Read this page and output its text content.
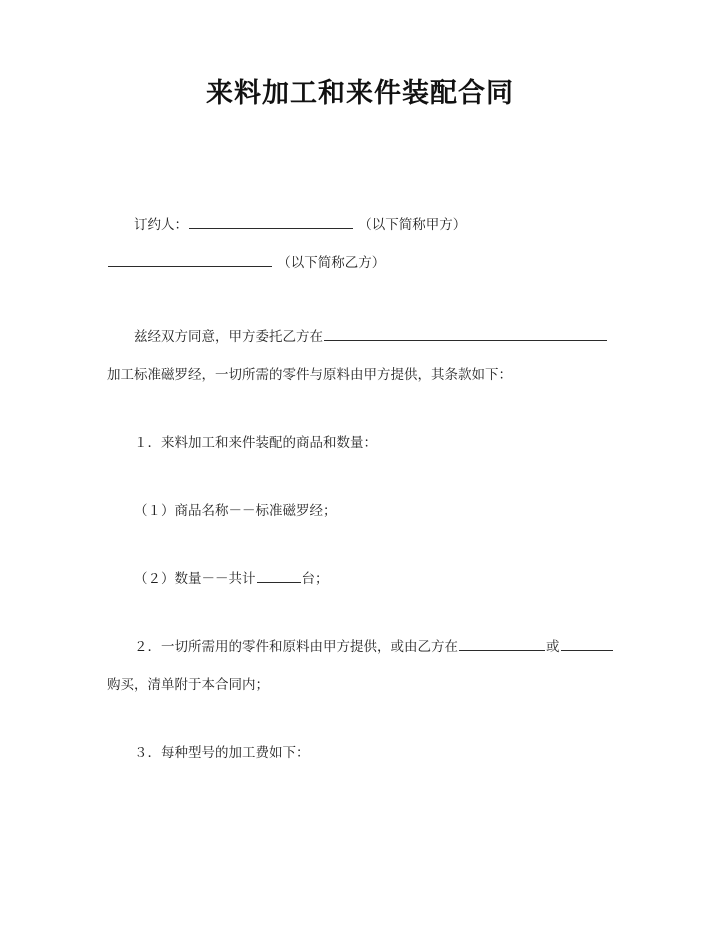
来料加工和来件装配合同
订约人：	（以下简称甲方）
（以下简称乙方）
兹经双方同意，甲方委托乙方在
加工标准磁罗经，一切所需的零件与原料由甲方提供，其条款如下：
１．来料加工和来件装配的商品和数量：
（１）商品名称－－标准磁罗经；
（２）数量－－共计	台；
２．一切所需用的零件和原料由甲方提供，或由乙方在	或
购买，清单附于本合同内；
３．每种型号的加工费如下：
